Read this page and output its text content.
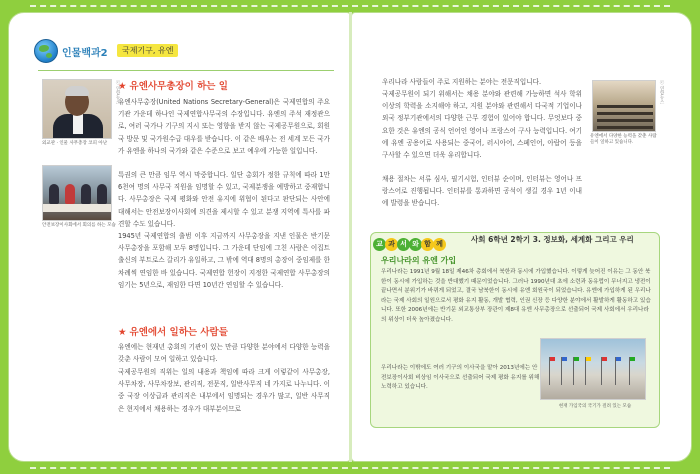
인물백과2	국제기구, 유엔
ⓒ 연합뉴스
외교관 · 인물 사무총장 코피 아난
안전보장이사회에서 회의를 하는 모습
★ 유엔사무총장이 하는 일

유엔사무총장(United Nations Secretary-General)은 국제연합의 주요 기관 가운데 하나인 국제연합사무국의 수장입니다. 유엔의 주석 재정관으로, 여러 국가나 기구의 지시 또는 영향을 받지 않는 국제공무원으로, 회원국 방문 및 국가원수급 대우를 받습니다. 이 같은 배우는 전 세계 모든 국가가 유엔을 하나의 국가와 같은 수준으로 보고 예우에 가능한 일입니다.

특권의 큰 만큼 임무 역시 막중합니다. 일단 총회가 정한 규칙에 따라 1만 6천여 명의 사무국 직원을 임명할 수 있고, 국제분쟁을 예방하고 중재합니다. 사무총장은 국제 평화와 안전 유지에 위협이 된다고 판단되는 사안에 대해서는 안전보장이사회에 의견을 제시할 수 있고 분쟁 지역에 특사를 파견할 수도 있습니다.

1945년 국제연합의 출범 이후 지금까지 사무총장을 지낸 인물은 반기문 사무총장을 포함해 모두 8명입니다. 그 가운데 단임에 그친 사람은 이집트 출신의 부트로스 갈리가 유일하고, 그 밖에 역대 8명의 총장이 중임제를 한 차례씩 연임한 바 있습니다. 국제연합 헌장이 지정한 국제연합 사무총장의 임기는 5년으로, 재임한 다면 10년간 연임할 수 있습니다.

★ 유엔에서 일하는 사람들

유엔에는 현재년 총회의 기관이 있는 만큼 다양한 분야에서 다양한 능력을 갖춘 사람이 모여 일하고 있습니다.

국제공무원의 직위는 일의 내용과 책임에 따라 크게 이렇같이 사무총장, 사무차장, 사무차장보, 관리직, 전문직, 일반사무직 네 가지로 나누니다. 이 중 국장 이상급과 관리직은 내부에서 임명되는 경우가 많고, 일반 사무직은 현지에서 채용하는 경우가 대부분이므로

우리나라 사람들이 주로 지원하는 분야는 전문직입니다.

국제공무원이 되기 위해서는 채용 분야와 관련해 가능하면 석사 학위 이상의 학력을 소지해야 하고, 지원 분야와 관련해서 다국적 기업이나 외국 정부기관에서의 다양한 근무 경험이 있어야 합니다. 무엇보다 중요한 것은 유엔의 공식 언어인 영어나 프랑스어 구사 능력입니다. 여기에 유엔 공용어로 사용되는 중국어, 러시아어, 스페인어, 아랍어 등을 구사할 수 있으면 더욱 유리합니다.

채용 절차는 서류 심사, 필기시험, 인터뷰 순이며, 인터뷰는 영어나 프랑스어로 진행됩니다. 인터뷰를 통과하면 공석이 생길 경우 1년 이내에 발령을 받습니다.

ⓒ 연합뉴스
유엔에서 다양한 능력을 갖춘 사람들이 일하고 있습니다.
교 과 서 와 함 께	사회 6학년 2학기 3. 정보화, 세계화 그리고 우리
우리나라의 유엔 가입

우리나라는 1991년 9월 18일 제46차 총회에서 북한과 동시에 가입했습니다. 이렇게 늦어진 이유는 그 동안 북한이 동시에 가입하는 것을 반대했기 때문이었습니다. 그러나 1990년대 초에 소련과 동유럽이 무너지고 냉전이 끝나면서 분위기가 바뀌게 되었고, 결국 남북한이 동시에 유엔 회원국이 되었습니다. 유엔에 가입하게 된 우리나라는 국제 사회의 일원으로서 평화 유지 활동, 개발 협력, 인권 신장 등 다양한 분야에서 활발하게 활동하고 있습니다. 또한 2006년에는 반기문 외교통상부 장관이 제8대 유엔 사무총장으로 선출되어 국제 사회에서 우리나라의 위상이 더욱 높아졌습니다.

우리나라는 이밖에도 여러 기구의 이사국을 맡아 2013년에는 안전보장이사회 비상임 이사국으로 선출되어 국제 평화 유지를 위해 노력하고 있습니다.

현재 가입국의 국기가 걸려 있는 모습
